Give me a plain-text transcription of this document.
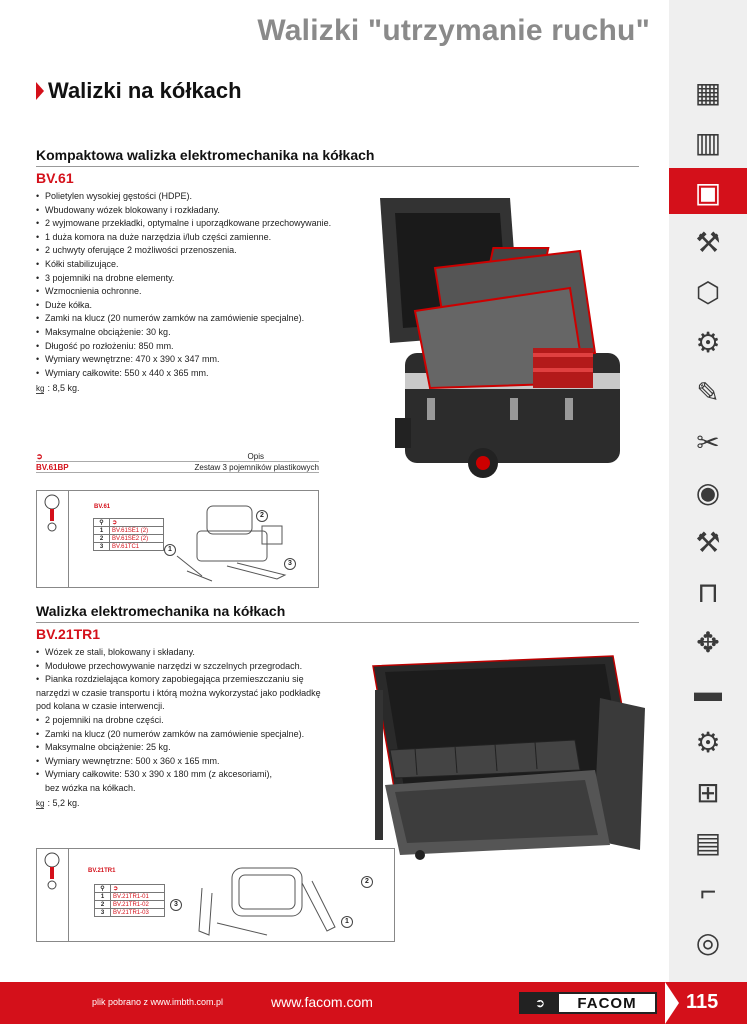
Walizki "utrzymanie ruchu"
Walizki na kółkach
Kompaktowa walizka elektromechanika na kółkach
BV.61
• Polietylen wysokiej gęstości (HDPE).
• Wbudowany wózek blokowany i rozkładany.
• 2 wyjmowane przekładki, optymalne i uporządkowane przechowywanie.
• 1 duża komora na duże narzędzia i/lub części zamienne.
• 2 uchwyty oferujące 2 możliwości przenoszenia.
• Kółki stabilizujące.
• 3 pojemniki na drobne elementy.
• Wzmocnienia ochronne.
• Duże kółka.
• Zamki na klucz (20 numerów zamków na zamówienie specjalne).
• Maksymalne obciążenie: 30 kg.
• Długość po rozłożeniu: 850 mm.
• Wymiary wewnętrzne: 470 x 390 x 347 mm.
• Wymiary całkowite: 550 x 440 x 365 mm.
kg : 8,5 kg.
➲	Opis
BV.61BP	Zestaw 3 pojemników plastikowych
BV.61
⚲	➲
1	BV.61SE1 (2)
2	BV.61SE2 (2)
3	BV.61TC1	1
2
3
Walizka elektromechanika na kółkach
BV.21TR1
• Wózek ze stali, blokowany i składany.
• Modułowe przechowywanie narzędzi w szczelnych przegrodach.
• Pianka rozdzielająca komory zapobiegająca przemieszczaniu się
narzędzi w czasie transportu i którą można wykorzystać jako podkładkę
pod kolana w czasie interwencji.
• 2 pojemniki na drobne części.
• Zamki na klucz (20 numerów zamków na zamówienie specjalne).
• Maksymalne obciążenie: 25 kg.
• Wymiary wewnętrzne: 500 x 360 x 165 mm.
• Wymiary całkowite: 530 x 390 x 180 mm (z akcesoriami),
bez wózka na kółkach.
kg : 5,2 kg.
BV.21TR1
⚲	➲
1	BV.21TR1-01
2	BV.21TR1-02
3	BV.21TR1-03
1
2
3
▦
▥
▣
⚒
⬡
⚙
✎
✂
◉
⚒
⊓
✥
▬
⚙
⊞
▤
⌐
◎
plik pobrano z www.imbth.com.pl	www.facom.com	➲	FACOM	115
